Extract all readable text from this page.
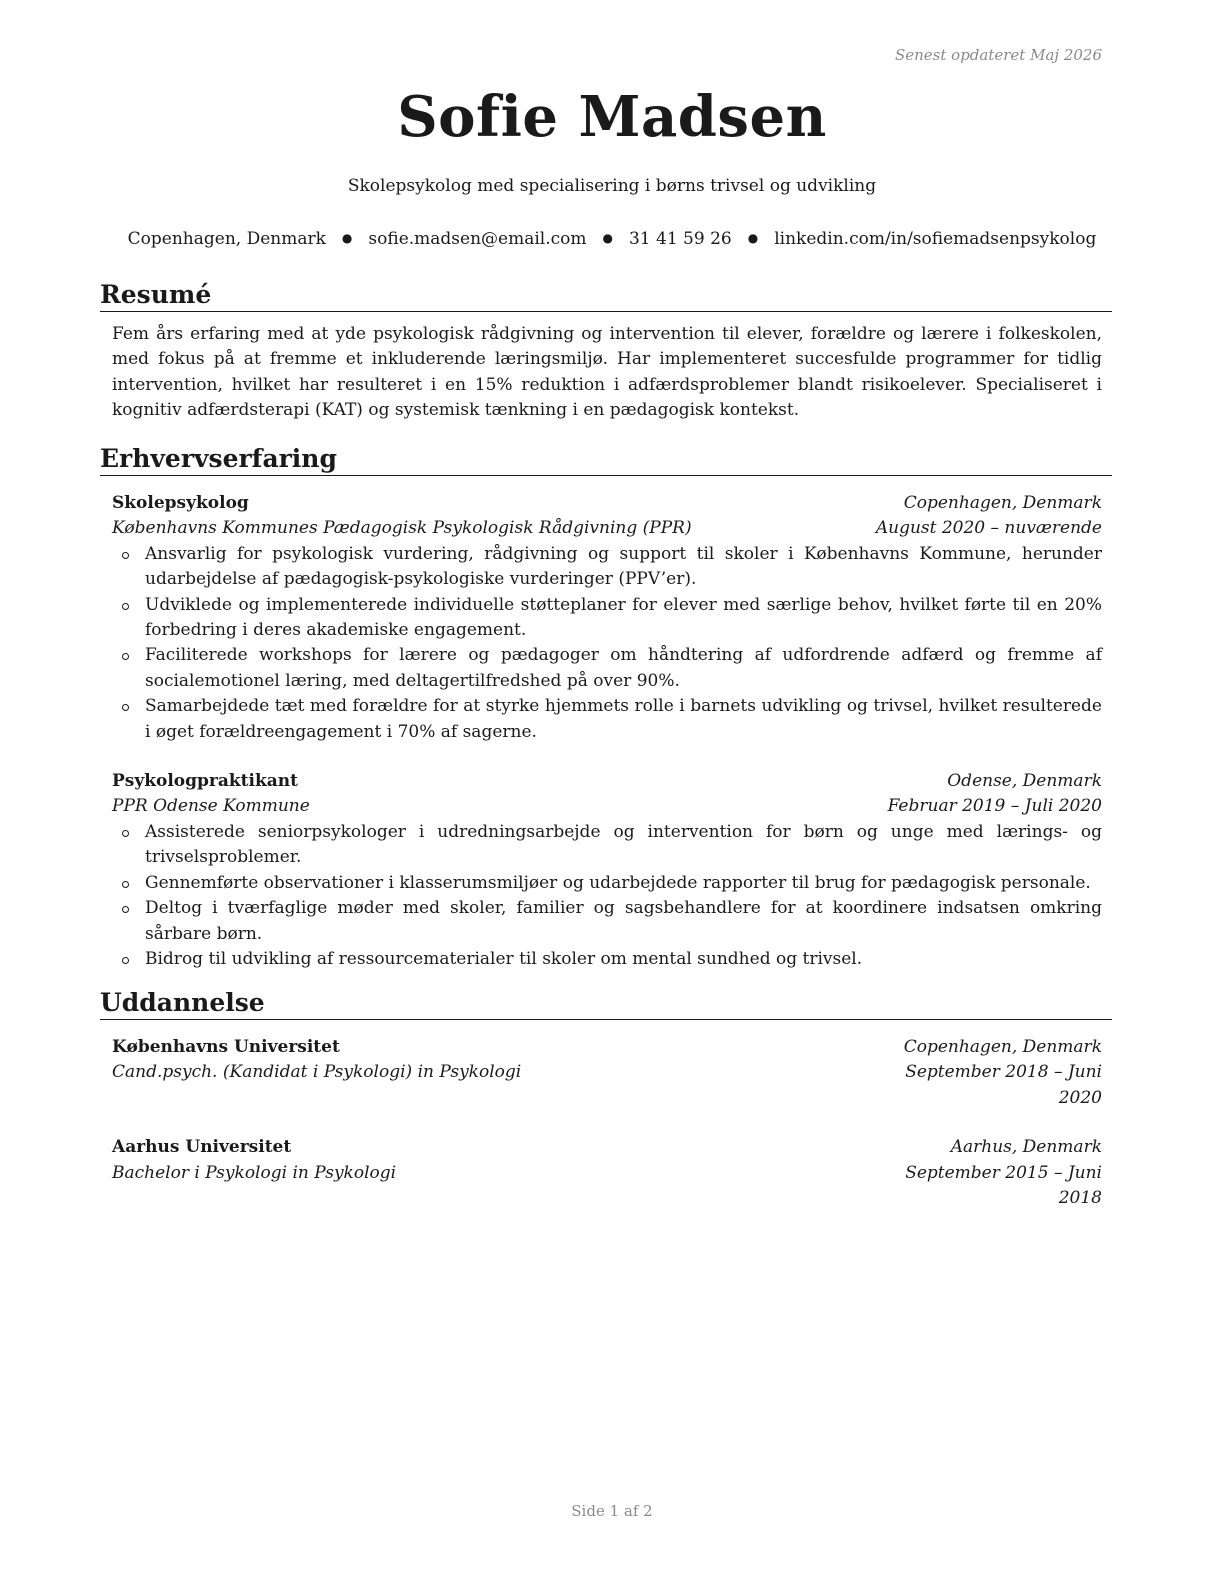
Senest opdateret Maj 2026
Sofie Madsen
Skolepsykolog med specialisering i børns trivsel og udvikling
Copenhagen, Denmark ● sofie.madsen@email.com ● 31 41 59 26 ● linkedin.com/in/sofiemadsenpsykolog
Resumé
Fem års erfaring med at yde psykologisk rådgivning og intervention til elever, forældre og lærere i folkeskolen, med fokus på at fremme et inkluderende læringsmiljø. Har implementeret succesfulde programmer for tidlig intervention, hvilket har resulteret i en 15% reduktion i adfærdsproblemer blandt risikoelever. Specialiseret i kognitiv adfærdsterapi (KAT) og systemisk tænkning i en pædagogisk kontekst.
Erhvervserfaring
Skolepsykolog	Copenhagen, Denmark
Københavns Kommunes Pædagogisk Psykologisk Rådgivning (PPR)	August 2020 – nuværende
Ansvarlig for psykologisk vurdering, rådgivning og support til skoler i Københavns Kommune, herunder udarbejdelse af pædagogisk-psykologiske vurderinger (PPV’er).
Udviklede og implementerede individuelle støtteplaner for elever med særlige behov, hvilket førte til en 20% forbedring i deres akademiske engagement.
Faciliterede workshops for lærere og pædagoger om håndtering af udfordrende adfærd og fremme af socialemotionel læring, med deltagertilfredshed på over 90%.
Samarbejdede tæt med forældre for at styrke hjemmets rolle i barnets udvikling og trivsel, hvilket resulterede i øget forældreengagement i 70% af sagerne.
Psykologpraktikant	Odense, Denmark
PPR Odense Kommune	Februar 2019 – Juli 2020
Assisterede seniorpsykologer i udredningsarbejde og intervention for børn og unge med lærings- og trivselsproblemer.
Gennemførte observationer i klasserumsmiljøer og udarbejdede rapporter til brug for pædagogisk personale.
Deltog i tværfaglige møder med skoler, familier og sagsbehandlere for at koordinere indsatsen omkring sårbare børn.
Bidrog til udvikling af ressourcematerialer til skoler om mental sundhed og trivsel.
Uddannelse
Københavns Universitet	Copenhagen, Denmark
Cand.psych. (Kandidat i Psykologi) in Psykologi	September 2018 – Juni 2020
Aarhus Universitet	Aarhus, Denmark
Bachelor i Psykologi in Psykologi	September 2015 – Juni 2018
Side 1 af 2
